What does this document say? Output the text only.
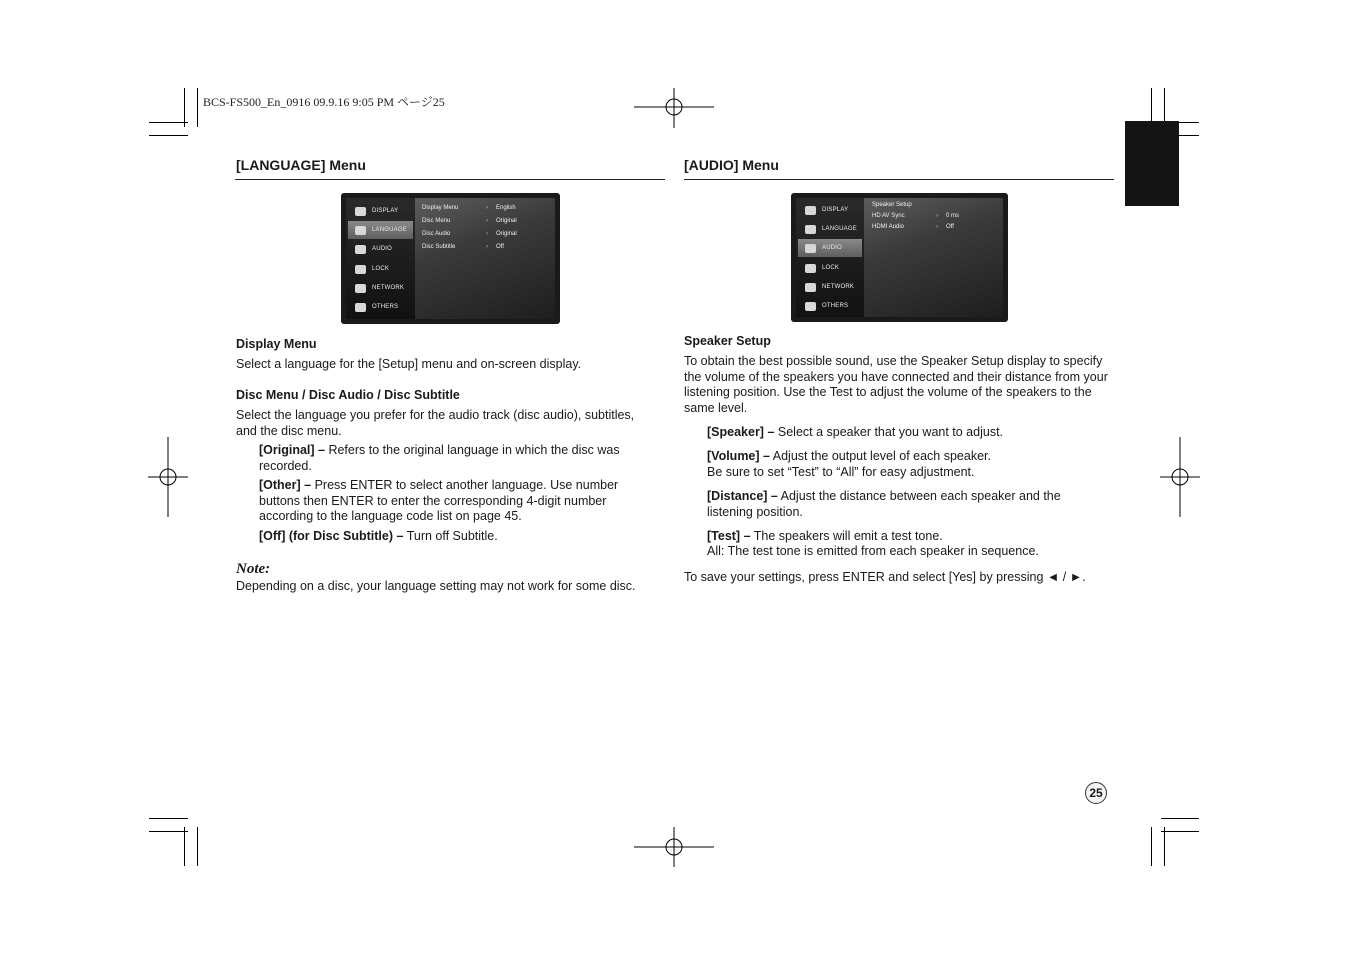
BCS-FS500_En_0916 09.9.16 9:05 PM ページ25
[LANGUAGE] Menu
DISPLAY
LANGUAGE
AUDIO
LOCK
NETWORK
OTHERS
Display Menu	›	English
Disc Menu	›	Original
Disc Audio	›	Original
Disc Subtitle	›	Off
Display Menu
Select a language for the [Setup] menu and on-screen display.
Disc Menu / Disc Audio / Disc Subtitle
Select the language you prefer for the audio track (disc audio), subtitles, and the disc menu.
[Original] – Refers to the original language in which the disc was recorded.
[Other] – Press ENTER to select another language. Use number buttons then ENTER to enter the corresponding 4-digit number according to the language code list on page 45.
[Off] (for Disc Subtitle) – Turn off Subtitle.
Note:
Depending on a disc, your language setting may not work for some disc.
[AUDIO] Menu
DISPLAY
LANGUAGE
AUDIO
LOCK
NETWORK
OTHERS
Speaker Setup
HD AV Sync	›	0 ms
HDMI Audio	›	Off
Speaker Setup
To obtain the best possible sound, use the Speaker Setup display to specify the volume of the speakers you have connected and their distance from your listening position. Use the Test to adjust the volume of the speakers to the same level.
[Speaker] – Select a speaker that you want to adjust.
[Volume] – Adjust the output level of each speaker.
Be sure to set “Test” to “All” for easy adjustment.
[Distance] – Adjust the distance between each speaker and the listening position.
[Test] – The speakers will emit a test tone.
All: The test tone is emitted from each speaker in sequence.
To save your settings, press ENTER and select [Yes] by pressing ◄ / ►.
25
